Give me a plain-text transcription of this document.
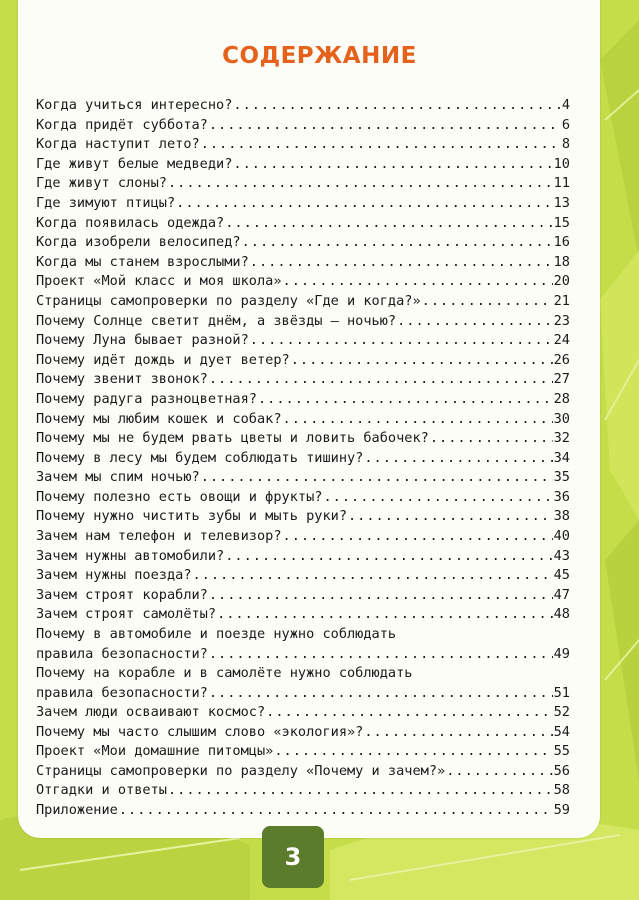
СОДЕРЖАНИЕ
Когда учиться интересно? .....	4
Когда придёт суббота? .....	6
Когда наступит лето? .....	8
Где живут белые медведи? .....	10
Где живут слоны? .....	11
Где зимуют птицы? .....	13
Когда появилась одежда? .....	15
Когда изобрели велосипед? .....	16
Когда мы станем взрослыми? .....	18
Проект «Мой класс и моя школа» .....	20
Страницы самопроверки по разделу «Где и когда?» .....	21
Почему Солнце светит днём, а звёзды — ночью? .....	23
Почему Луна бывает разной? .....	24
Почему идёт дождь и дует ветер? .....	26
Почему звенит звонок? .....	27
Почему радуга разноцветная? .....	28
Почему мы любим кошек и собак? .....	30
Почему мы не будем рвать цветы и ловить бабочек? .....	32
Почему в лесу мы будем соблюдать тишину? .....	34
Зачем мы спим ночью? .....	35
Почему полезно есть овощи и фрукты? .....	36
Почему нужно чистить зубы и мыть руки? .....	38
Зачем нам телефон и телевизор? .....	40
Зачем нужны автомобили? .....	43
Зачем нужны поезда? .....	45
Зачем строят корабли? .....	47
Зачем строят самолёты? .....	48
Почему в автомобиле и поезде нужно соблюдать
правила безопасности? .....	49
Почему на корабле и в самолёте нужно соблюдать
правила безопасности? .....	51
Зачем люди осваивают космос? .....	52
Почему мы часто слышим слово «экология»? .....	54
Проект «Мои домашние питомцы» .....	55
Страницы самопроверки по разделу «Почему и зачем?» .....	56
Отгадки и ответы .....	58
Приложение .....	59
3
